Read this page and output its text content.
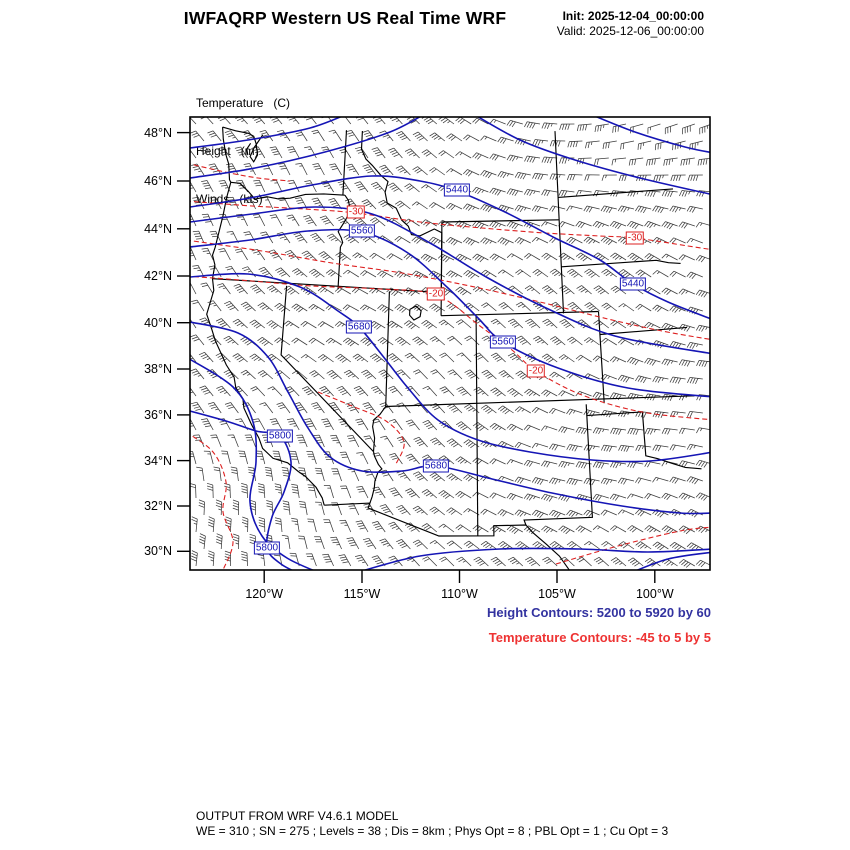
IWFAQRP Western US Real Time WRF	Init: 2025-12-04_00:00:00
Valid: 2025-12-06_00:00:00

Temperature   (C)

Height   (m)

Winds   (kts)

48°N
46°N
44°N
42°N
40°N
38°N
36°N
34°N
32°N
30°N
120°W	115°W	110°W	105°W	100°W
5440
5560
5440
5680
5560
5800
5680
5800
-30
-30
-20
-20
Height Contours: 5200 to 5920 by 60
Temperature Contours: -45 to 5 by 5
OUTPUT FROM WRF V4.6.1 MODEL
WE = 310 ; SN = 275 ; Levels = 38 ; Dis = 8km ; Phys Opt = 8 ; PBL Opt = 1 ; Cu Opt = 3
